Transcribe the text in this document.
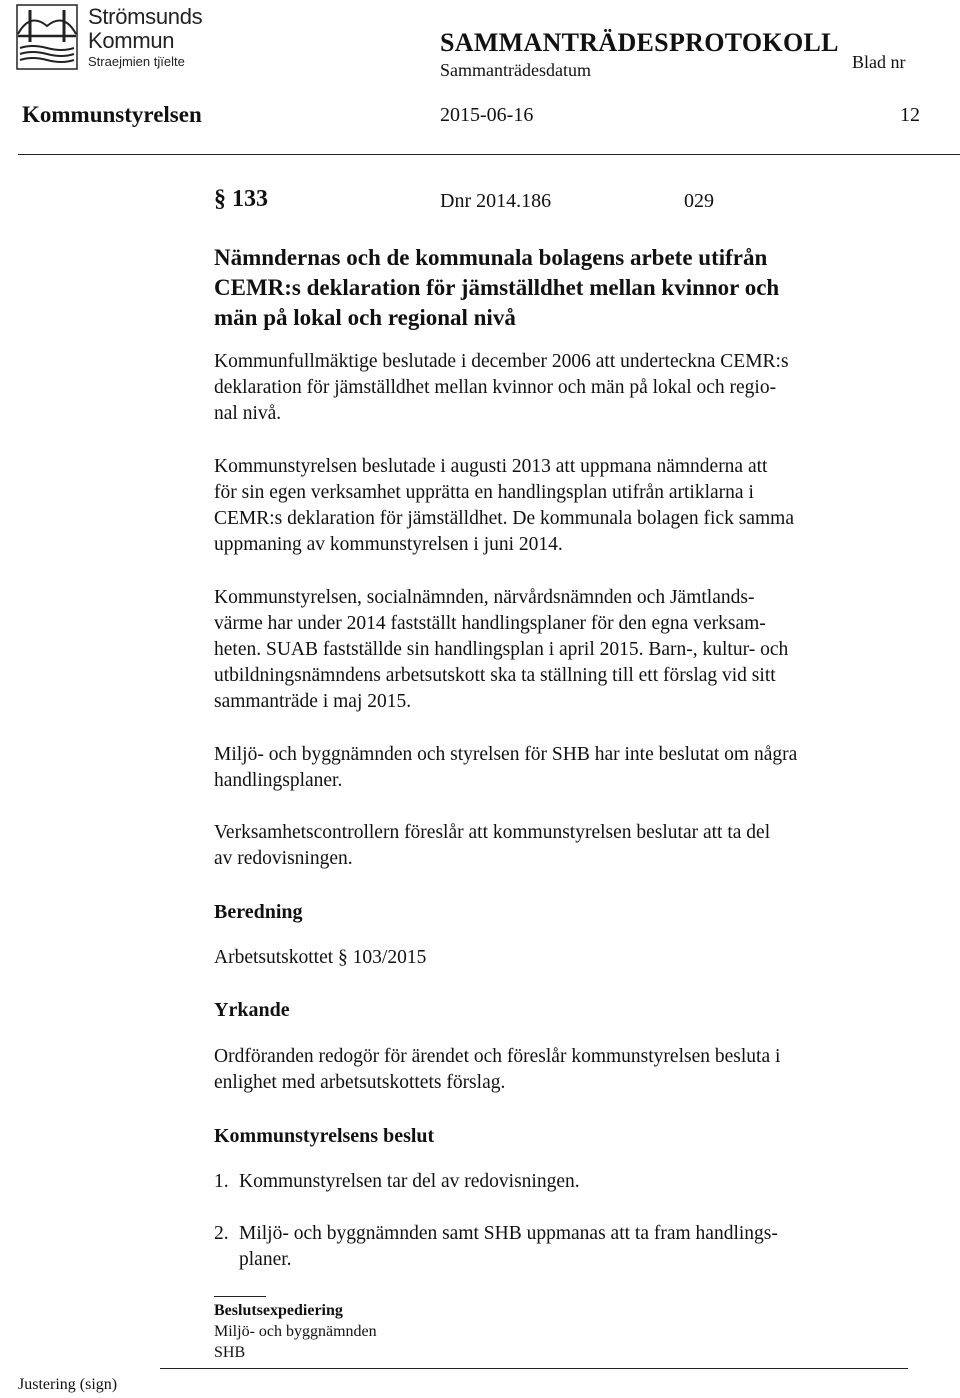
Strömsunds
Kommun
Straejmien tjïelte
SAMMANTRÄDESPROTOKOLL
Sammanträdesdatum	Blad nr
Kommunstyrelsen	2015-06-16	12
§ 133	Dnr 2014.186	029
Nämndernas och de kommunala bolagens arbete utifrån
CEMR:s deklaration för jämställdhet mellan kvinnor och
män på lokal och regional nivå
Kommunfullmäktige beslutade i december 2006 att underteckna CEMR:s
deklaration för jämställdhet mellan kvinnor och män på lokal och regio-
nal nivå.
Kommunstyrelsen beslutade i augusti 2013 att uppmana nämnderna att
för sin egen verksamhet upprätta en handlingsplan utifrån artiklarna i
CEMR:s deklaration för jämställdhet. De kommunala bolagen fick samma
uppmaning av kommunstyrelsen i juni 2014.
Kommunstyrelsen, socialnämnden, närvårdsnämnden och Jämtlands-
värme har under 2014 fastställt handlingsplaner för den egna verksam-
heten. SUAB fastställde sin handlingsplan i april 2015. Barn-, kultur- och
utbildningsnämndens arbetsutskott ska ta ställning till ett förslag vid sitt
sammanträde i maj 2015.
Miljö- och byggnämnden och styrelsen för SHB har inte beslutat om några
handlingsplaner.
Verksamhetscontrollern föreslår att kommunstyrelsen beslutar att ta del
av redovisningen.
Beredning
Arbetsutskottet § 103/2015
Yrkande
Ordföranden redogör för ärendet och föreslår kommunstyrelsen besluta i
enlighet med arbetsutskottets förslag.
Kommunstyrelsens beslut
1. Kommunstyrelsen tar del av redovisningen.
2. Miljö- och byggnämnden samt SHB uppmanas att ta fram handlings-
planer.
Beslutsexpediering
Miljö- och byggnämnden
SHB
Justering (sign)
